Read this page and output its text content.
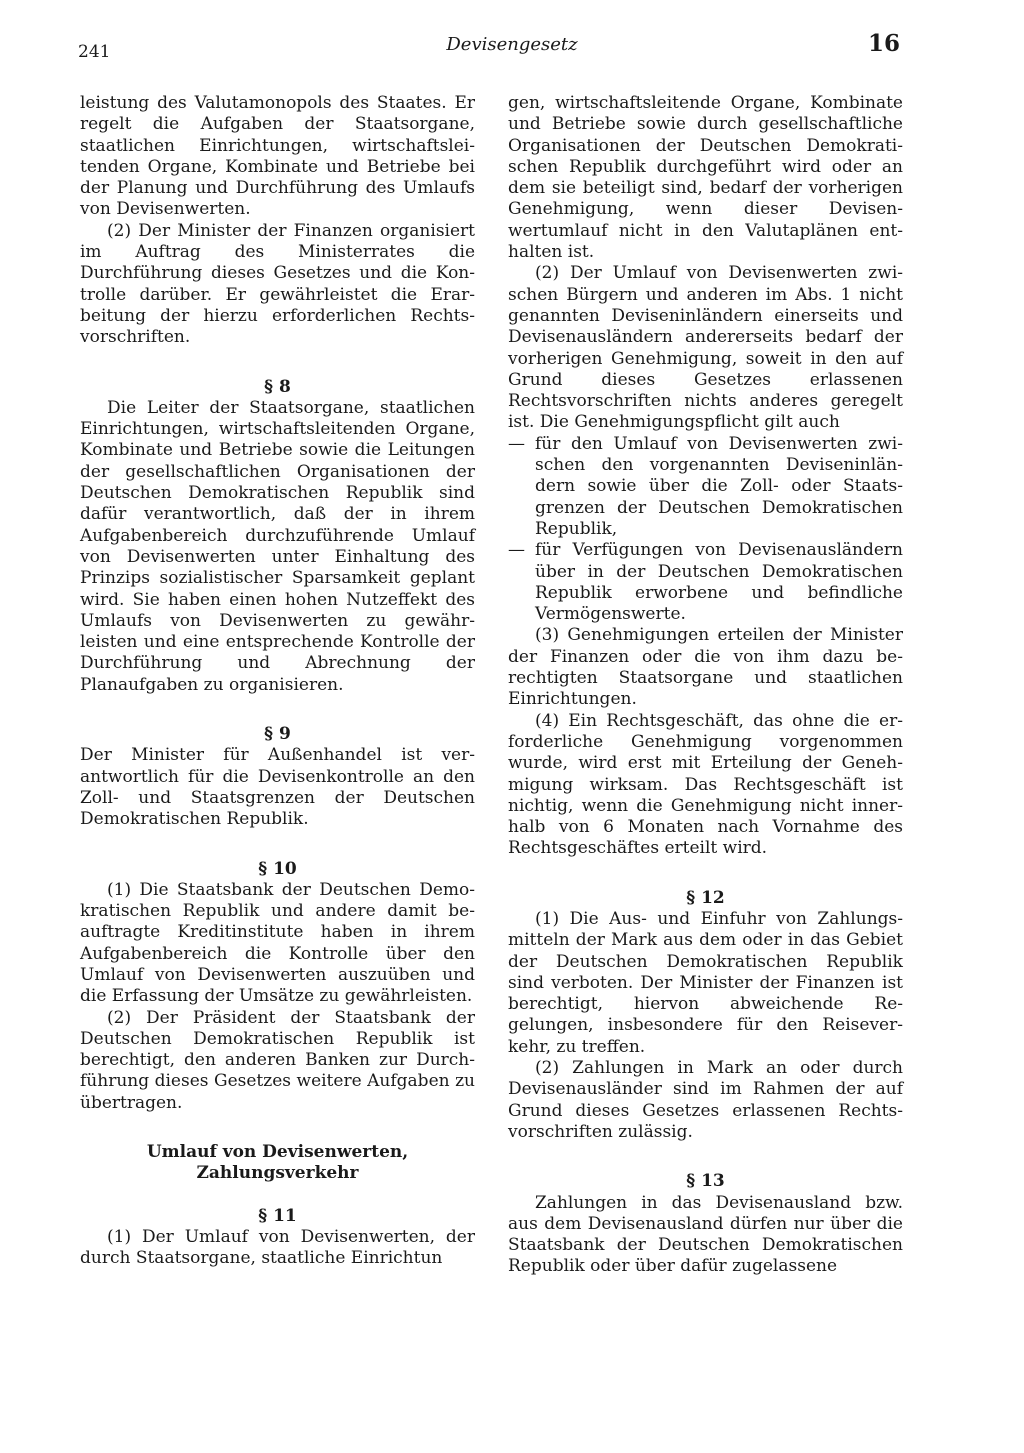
241	Devisengesetz	16

leistung des Valutamonopols des Staates. Er regelt die Aufgaben der Staatsorgane, staatlichen Einrichtungen, wirtschaftsleitenden Organe, Kombinate und Betriebe bei der Planung und Durchführung des Umlaufs von Devisenwerten.

(2) Der Minister der Finanzen organisiert im Auftrag des Ministerrates die Durchführung dieses Gesetzes und die Kontrolle darüber. Er gewährleistet die Erarbeitung der hierzu erforderlichen Rechtsvorschriften.

§ 8

Die Leiter der Staatsorgane, staatlichen Einrichtungen, wirtschaftsleitenden Organe, Kombinate und Betriebe sowie die Leitungen der gesellschaftlichen Organisationen der Deutschen Demokratischen Republik sind dafür verantwortlich, daß der in ihrem Aufgabenbereich durchzuführende Umlauf von Devisenwerten unter Einhaltung des Prinzips sozialistischer Sparsamkeit geplant wird. Sie haben einen hohen Nutzeffekt des Umlaufs von Devisenwerten zu gewährleisten und eine entsprechende Kontrolle der Durchführung und Abrechnung der Planaufgaben zu organisieren.

§ 9

Der Minister für Außenhandel ist verantwortlich für die Devisenkontrolle an den Zoll- und Staatsgrenzen der Deutschen Demokratischen Republik.

§ 10

(1) Die Staatsbank der Deutschen Demokratischen Republik und andere damit beauftragte Kreditinstitute haben in ihrem Aufgabenbereich die Kontrolle über den Umlauf von Devisenwerten auszuüben und die Erfassung der Umsätze zu gewährleisten.

(2) Der Präsident der Staatsbank der Deutschen Demokratischen Republik ist berechtigt, den anderen Banken zur Durchführung dieses Gesetzes weitere Aufgaben zu übertragen.

Umlauf von Devisenwerten,
Zahlungsverkehr
§ 11

(1) Der Umlauf von Devisenwerten, der durch Staatsorgane, staatliche Einrichtun

gen, wirtschaftsleitende Organe, Kombinate und Betriebe sowie durch gesellschaftliche Organisationen der Deutschen Demokratischen Republik durchgeführt wird oder an dem sie beteiligt sind, bedarf der vorherigen Genehmigung, wenn dieser Devisenwertumlauf nicht in den Valutaplänen enthalten ist.

(2) Der Umlauf von Devisenwerten zwischen Bürgern und anderen im Abs. 1 nicht genannten Deviseninländern einerseits und Devisenausländern andererseits bedarf der vorherigen Genehmigung, soweit in den auf Grund dieses Gesetzes erlassenen Rechtsvorschriften nichts anderes geregelt ist. Die Genehmigungspflicht gilt auch

— für den Umlauf von Devisenwerten zwischen den vorgenannten Deviseninländern sowie über die Zoll- oder Staatsgrenzen der Deutschen Demokratischen Republik,
— für Verfügungen von Devisenausländern über in der Deutschen Demokratischen Republik erworbene und befindliche Vermögenswerte.

(3) Genehmigungen erteilen der Minister der Finanzen oder die von ihm dazu berechtigten Staatsorgane und staatlichen Einrichtungen.

(4) Ein Rechtsgeschäft, das ohne die erforderliche Genehmigung vorgenommen wurde, wird erst mit Erteilung der Genehmigung wirksam. Das Rechtsgeschäft ist nichtig, wenn die Genehmigung nicht innerhalb von 6 Monaten nach Vornahme des Rechtsgeschäftes erteilt wird.

§ 12

(1) Die Aus- und Einfuhr von Zahlungsmitteln der Mark aus dem oder in das Gebiet der Deutschen Demokratischen Republik sind verboten. Der Minister der Finanzen ist berechtigt, hiervon abweichende Regelungen, insbesondere für den Reiseverkehr, zu treffen.

(2) Zahlungen in Mark an oder durch Devisenausländer sind im Rahmen der auf Grund dieses Gesetzes erlassenen Rechtsvorschriften zulässig.

§ 13

Zahlungen in das Devisenausland bzw. aus dem Devisenausland dürfen nur über die Staatsbank der Deutschen Demokratischen Republik oder über dafür zugelassene
